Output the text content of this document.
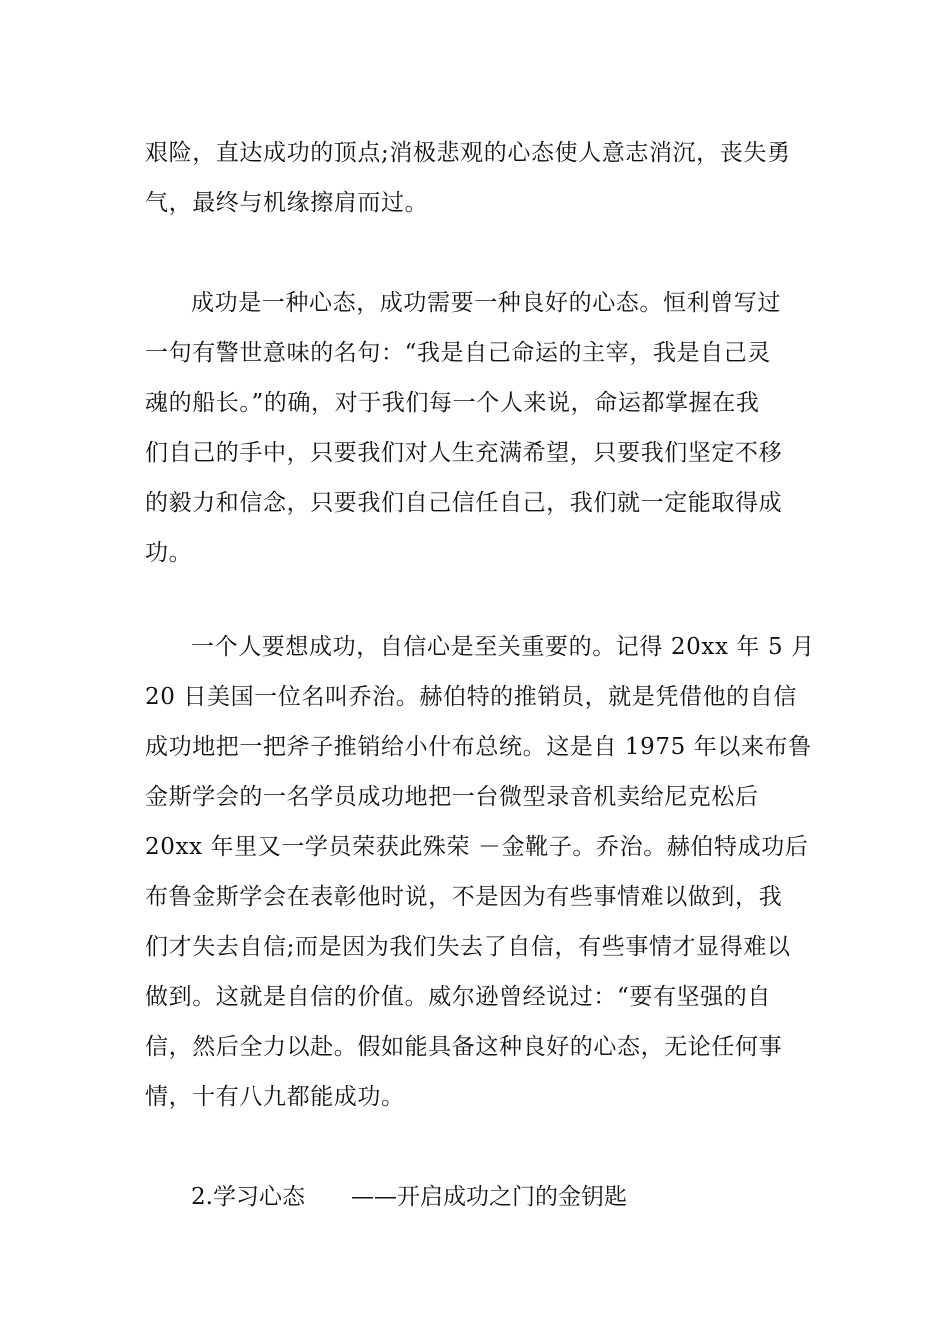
艰险，直达成功的顶点;消极悲观的心态使人意志消沉，丧失勇
气，最终与机缘擦肩而过。
成功是一种心态，成功需要一种良好的心态。恒利曾写过
一句有警世意味的名句：“我是自己命运的主宰，我是自己灵
魂的船长。”的确，对于我们每一个人来说，命运都掌握在我
们自己的手中，只要我们对人生充满希望，只要我们坚定不移
的毅力和信念，只要我们自己信任自己，我们就一定能取得成
功。
一个人要想成功，自信心是至关重要的。记得 20xx 年 5 月
20 日美国一位名叫乔治。赫伯特的推销员，就是凭借他的自信
成功地把一把斧子推销给小什布总统。这是自 1975 年以来布鲁
金斯学会的一名学员成功地把一台微型录音机卖给尼克松后
20xx 年里又一学员荣获此殊荣 －金靴子。乔治。赫伯特成功后
布鲁金斯学会在表彰他时说，不是因为有些事情难以做到，我
们才失去自信;而是因为我们失去了自信，有些事情才显得难以
做到。这就是自信的价值。威尔逊曾经说过：“要有坚强的自
信，然后全力以赴。假如能具备这种良好的心态，无论任何事
情，十有八九都能成功。
2.学习心态 ——开启成功之门的金钥匙
